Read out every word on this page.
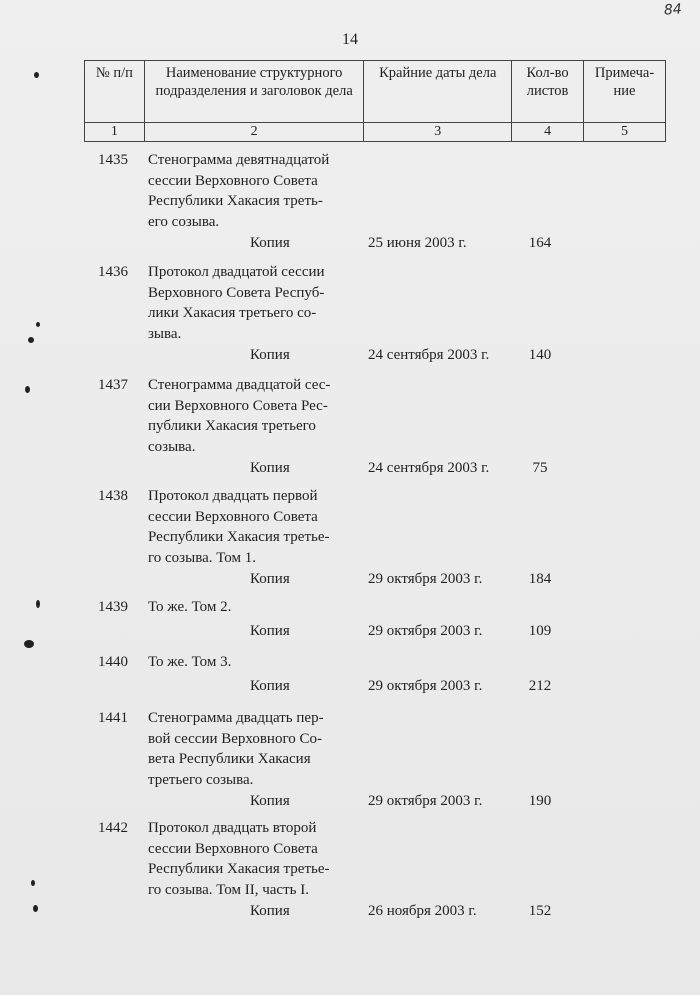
84
14
№ п/п	Наименование структурного подразделения и заголовок дела	Крайние даты дела	Кол-во листов	Примеча-ние
1	2	3	4	5
1435 Стенограмма девятнадцатой
сессии Верховного Совета
Республики Хакасия треть-
его созыва.
Копия	25 июня 2003 г.	164
1436 Протокол двадцатой сессии
Верховного Совета Респуб-
лики Хакасия третьего со-
зыва.
Копия	24 сентября 2003 г.	140
1437 Стенограмма двадцатой сес-
сии Верховного Совета Рес-
публики Хакасия третьего
созыва.
Копия	24 сентября 2003 г.	75
1438 Протокол двадцать первой
сессии Верховного Совета
Республики Хакасия третье-
го созыва. Том 1.
Копия	29 октября 2003 г.	184
1439 То же. Том 2.
Копия	29 октября 2003 г.	109
1440 То же. Том 3.
Копия	29 октября 2003 г.	212
1441 Стенограмма двадцать пер-
вой сессии Верховного Со-
вета Республики Хакасия
третьего созыва.
Копия	29 октября 2003 г.	190
1442 Протокол двадцать второй
сессии Верховного Совета
Республики Хакасия третье-
го созыва. Том II, часть I.
Копия	26 ноября 2003 г.	152
